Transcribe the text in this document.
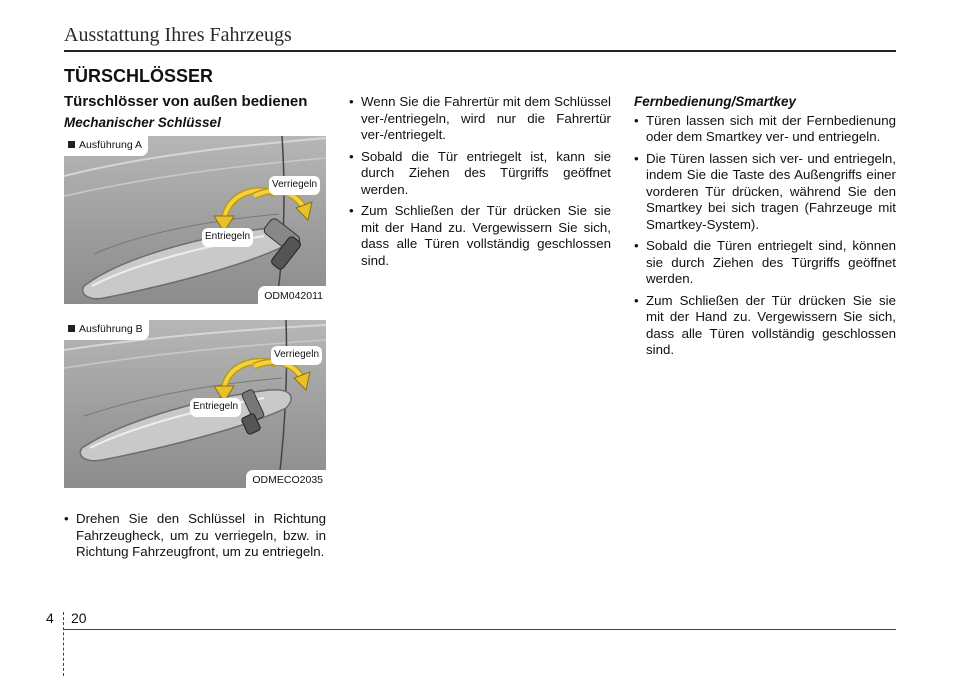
Ausstattung Ihres Fahrzeugs
TÜRSCHLÖSSER
Türschlösser von außen bedienen
Mechanischer Schlüssel
Ausführung A
Verriegeln
Entriegeln
ODM042011
Ausführung B
Verriegeln
Entriegeln
ODMECO2035
• Drehen Sie den Schlüssel in Richtung Fahrzeugheck, um zu verriegeln, bzw. in Richtung Fahrzeugfront, um zu entriegeln.
• Wenn Sie die Fahrertür mit dem Schlüssel ver-/entriegeln, wird nur die Fahrertür ver-/entriegelt.
• Sobald die Tür entriegelt ist, kann sie durch Ziehen des Türgriffs geöffnet werden.
• Zum Schließen der Tür drücken Sie sie mit der Hand zu. Vergewissern Sie sich, dass alle Türen vollständig geschlossen sind.
Fernbedienung/Smartkey
• Türen lassen sich mit der Fernbedienung oder dem Smartkey ver- und entriegeln.
• Die Türen lassen sich ver- und entriegeln, indem Sie die Taste des Außengriffs einer vorderen Tür drücken, während Sie den Smartkey bei sich tragen (Fahrzeuge mit Smartkey-System).
• Sobald die Türen entriegelt sind, können sie durch Ziehen des Türgriffs geöffnet werden.
• Zum Schließen der Tür drücken Sie sie mit der Hand zu. Vergewissern Sie sich, dass alle Türen vollständig geschlossen sind.
4 20
